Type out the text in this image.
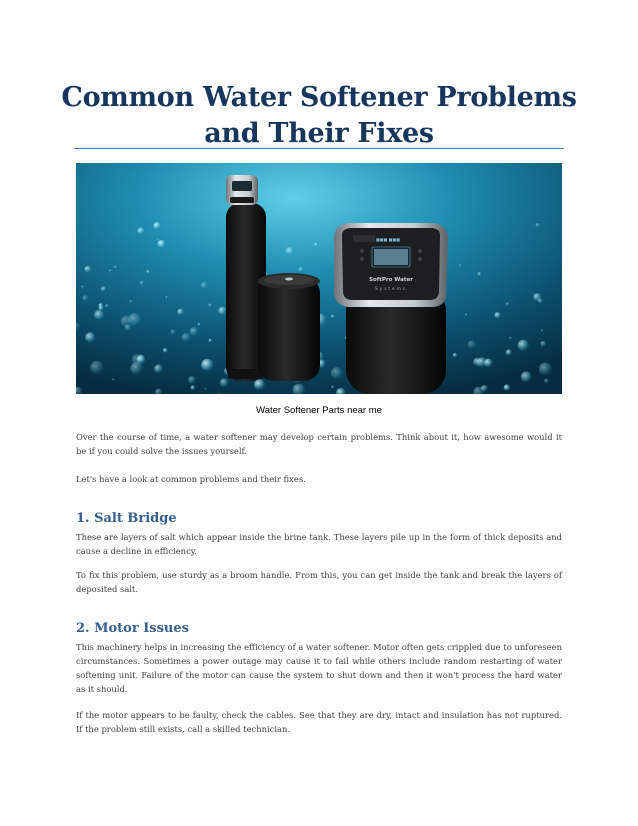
Common Water Softener Problems and Their Fixes
■■■ ■■■
SoftPro Water
Systems
Water Softener Parts near me

Over the course of time, a water softener may develop certain problems. Think about it, how awesome would it be if you could solve the issues yourself.

Let's have a look at common problems and their fixes.

1. Salt Bridge

These are layers of salt which appear inside the brine tank. These layers pile up in the form of thick deposits and cause a decline in efficiency.

To fix this problem, use sturdy as a broom handle. From this, you can get inside the tank and break the layers of deposited salt.

2. Motor Issues

This machinery helps in increasing the efficiency of a water softener. Motor often gets crippled due to unforeseen circumstances. Sometimes a power outage may cause it to fail while others include random restarting of water softening unit. Failure of the motor can cause the system to shut down and then it won't process the hard water as it should.

If the motor appears to be faulty, check the cables. See that they are dry, intact and insulation has not ruptured. If the problem still exists, call a skilled technician.
